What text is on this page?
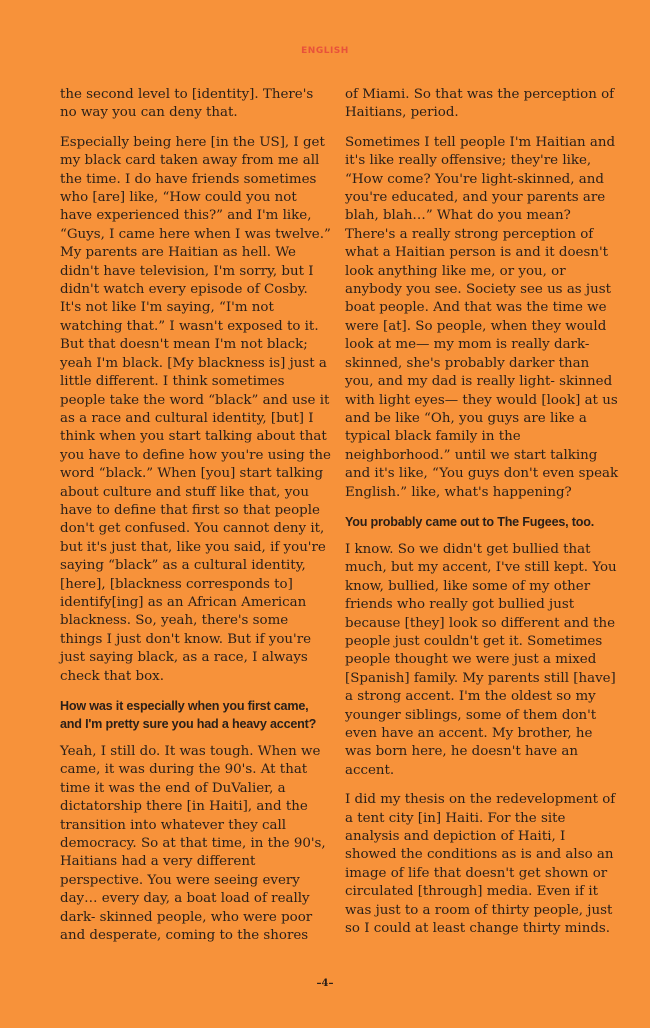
ENGLISH

the second level to [identity]. There's no way you can deny that.

Especially being here [in the US], I get my black card taken away from me all the time. I do have friends sometimes who [are] like, “How could you not have experienced this?” and I'm like, “Guys, I came here when I was twelve.” My parents are Haitian as hell. We didn't have television, I'm sorry, but I didn't watch every episode of Cosby. It's not like I'm saying, “I'm not watching that.” I wasn't exposed to it. But that doesn't mean I'm not black; yeah I'm black. [My blackness is] just a little different. I think sometimes people take the word “black” and use it as a race and cultural identity, [but] I think when you start talking about that you have to define how you're using the word “black.” When [you] start talking about culture and stuff like that, you have to define that first so that people don't get confused. You cannot deny it, but it's just that, like you said, if you're saying “black” as a cultural identity, [here], [blackness corresponds to] identify[ing] as an African American blackness. So, yeah, there's some things I just don't know. But if you're just saying black, as a race, I always check that box.

How was it especially when you first came, and I'm pretty sure you had a heavy accent?

Yeah, I still do. It was tough. When we came, it was during the 90's. At that time it was the end of DuValier, a dictatorship there [in Haiti], and the transition into whatever they call democracy. So at that time, in the 90's, Haitians had a very different perspective. You were seeing every day… every day, a boat load of really dark- skinned people, who were poor and desperate, coming to the shores

of Miami. So that was the perception of Haitians, period.

Sometimes I tell people I'm Haitian and it's like really offensive; they're like, “How come? You're light-skinned, and you're educated, and your parents are blah, blah…” What do you mean? There's a really strong perception of what a Haitian person is and it doesn't look anything like me, or you, or anybody you see. Society see us as just boat people. And that was the time we were [at]. So people, when they would look at me— my mom is really dark-skinned, she's probably darker than you, and my dad is really light- skinned with light eyes— they would [look] at us and be like “Oh, you guys are like a typical black family in the neighborhood.” until we start talking and it's like, “You guys don't even speak English.” like, what's happening?

You probably came out to The Fugees, too.

I know. So we didn't get bullied that much, but my accent, I've still kept. You know, bullied, like some of my other friends who really got bullied just because [they] look so different and the people just couldn't get it. Sometimes people thought we were just a mixed [Spanish] family. My parents still [have] a strong accent. I'm the oldest so my younger siblings, some of them don't even have an accent. My brother, he was born here, he doesn't have an accent.

I did my thesis on the redevelopment of a tent city [in] Haiti. For the site analysis and depiction of Haiti, I showed the conditions as is and also an image of life that doesn't get shown or circulated [through] media. Even if it was just to a room of thirty people, just so I could at least change thirty minds.

–4–
